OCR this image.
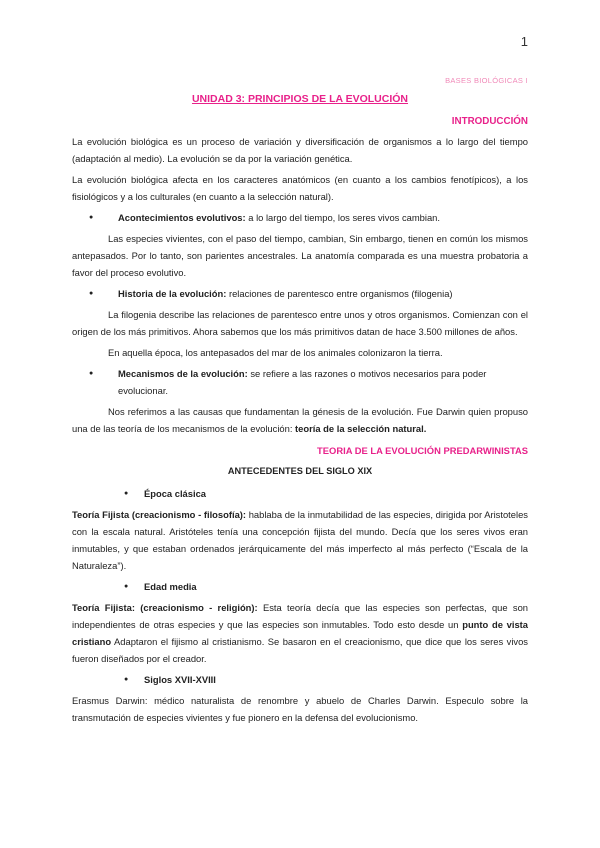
1
BASES BIOLÓGICAS I
UNIDAD 3: PRINCIPIOS DE LA EVOLUCIÓN
INTRODUCCIÓN

La evolución biológica es un proceso de variación y diversificación de organismos a lo largo del tiempo (adaptación al medio). La evolución se da por la variación genética.

La evolución biológica afecta en los caracteres anatómicos (en cuanto a los cambios fenotípicos), a los fisiológicos y a los culturales (en cuanto a la selección natural).

● Acontecimientos evolutivos: a lo largo del tiempo, los seres vivos cambian.

Las especies vivientes, con el paso del tiempo, cambian, Sin embargo, tienen en común los mismos antepasados. Por lo tanto, son parientes ancestrales. La anatomía comparada es una muestra probatoria a favor del proceso evolutivo.

● Historia de la evolución: relaciones de parentesco entre organismos (filogenia)

La filogenia describe las relaciones de parentesco entre unos y otros organismos. Comienzan con el origen de los más primitivos. Ahora sabemos que los más primitivos datan de hace 3.500 millones de años.

En aquella época, los antepasados del mar de los animales colonizaron la tierra.

● Mecanismos de la evolución: se refiere a las razones o motivos necesarios para poder evolucionar.

Nos referimos a las causas que fundamentan la génesis de la evolución. Fue Darwin quien propuso una de las teoría de los mecanismos de la evolución: teoría de la selección natural.

TEORIA DE LA EVOLUCIÓN PREDARWINISTAS
ANTECEDENTES DEL SIGLO XIX
● Época clásica

Teoría Fijista (creacionismo - filosofía): hablaba de la inmutabilidad de las especies, dirigida por Aristoteles con la escala natural. Aristóteles tenía una concepción fijista del mundo. Decía que los seres vivos eran inmutables, y que estaban ordenados jerárquicamente del más imperfecto al más perfecto (“Escala de la Naturaleza”).

● Edad media

Teoría Fijista: (creacionismo - religión): Esta teoría decía que las especies son perfectas, que son independientes de otras especies y que las especies son inmutables. Todo esto desde un punto de vista cristiano Adaptaron el fijismo al cristianismo. Se basaron en el creacionismo, que dice que los seres vivos fueron diseñados por el creador.

● Siglos XVII-XVIII

Erasmus Darwin: médico naturalista de renombre y abuelo de Charles Darwin. Especulo sobre la transmutación de especies vivientes y fue pionero en la defensa del evolucionismo.
